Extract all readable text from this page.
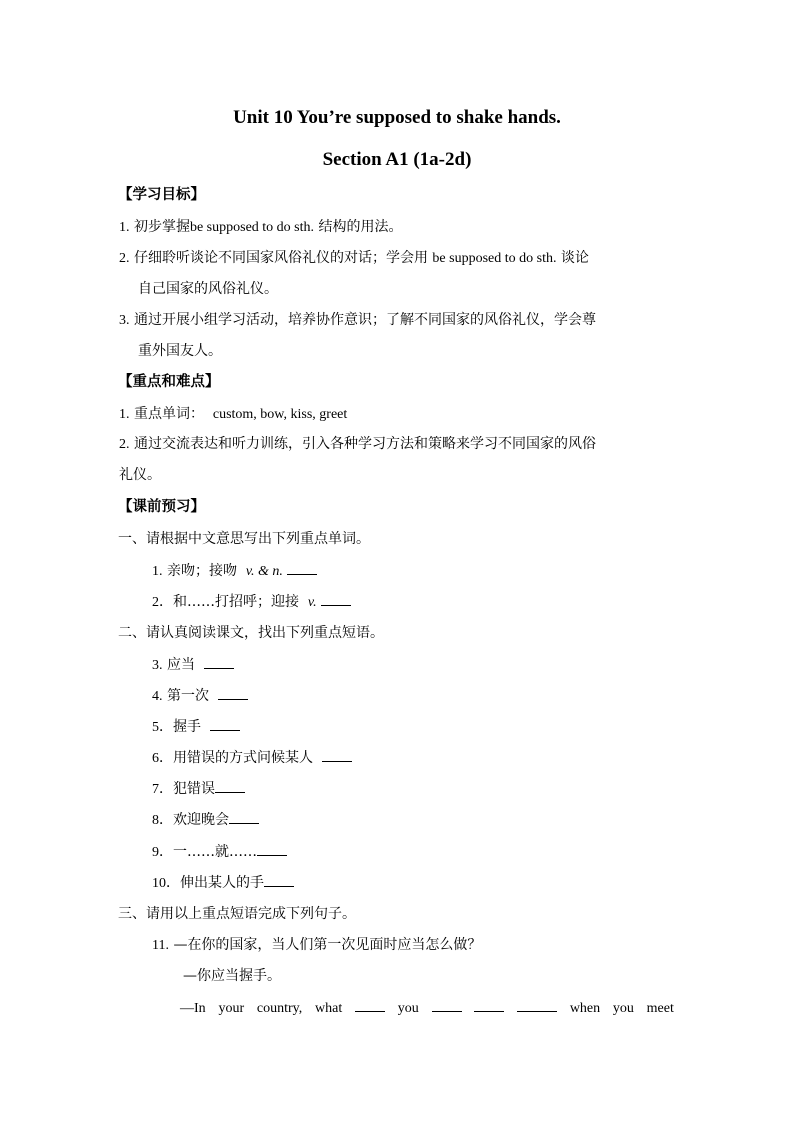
Unit 10 You’re supposed to shake hands.
Section A1 (1a-2d)
【学习目标】
1. 初步掌握be supposed to do sth. 结构的用法。
2. 仔细聆听谈论不同国家风俗礼仪的对话；学会用 be supposed to do sth. 谈论
自己国家的风俗礼仪。
3. 通过开展小组学习活动，培养协作意识；了解不同国家的风俗礼仪，学会尊
重外国友人。
【重点和难点】
1. 重点单词： custom, bow, kiss, greet
2. 通过交流表达和听力训练，引入各种学习方法和策略来学习不同国家的风俗
礼仪。
【课前预习】
一、请根据中文意思写出下列重点单词。
1. 亲吻；接吻 v. & n.
2．和……打招呼；迎接 v.
二、请认真阅读课文，找出下列重点短语。
3. 应当
4. 第一次
5．握手
6．用错误的方式问候某人
7．犯错误
8．欢迎晚会
9．一……就……
10．伸出某人的手
三、请用以上重点短语完成下列句子。
11. —在你的国家，当人们第一次见面时应当怎么做？
—你应当握手。
—In your country, what	you	when you meet
